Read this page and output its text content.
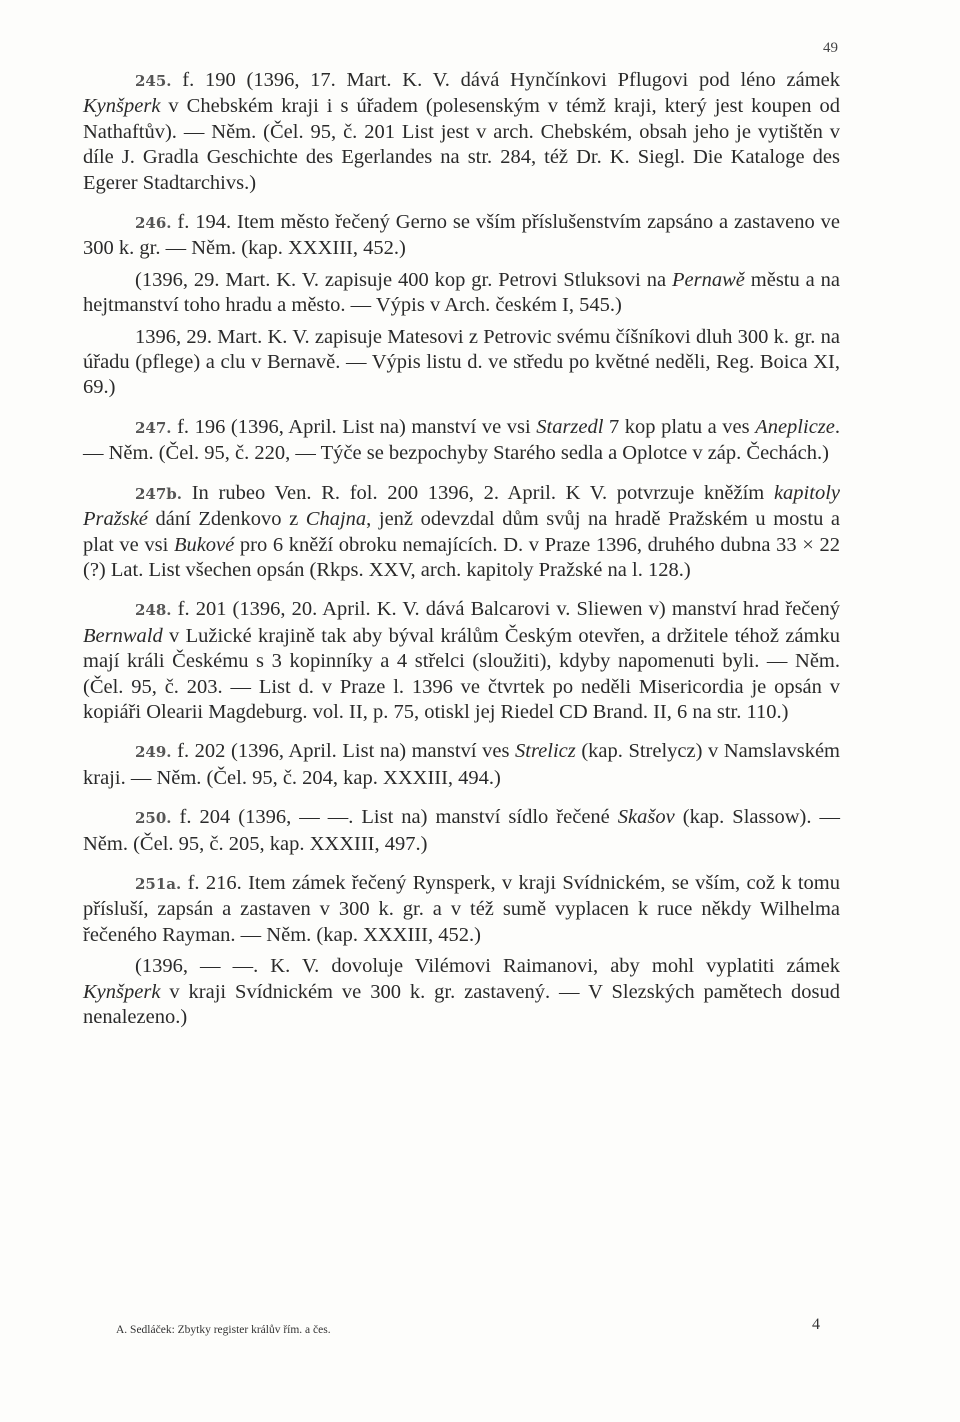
49

245. f. 190 (1396, 17. Mart. K. V. dává Hynčínkovi Pflugovi pod léno zámek Kynšperk v Chebském kraji i s úřadem (polesenským v témž kraji, který jest koupen od Nathaftův). — Něm. (Čel. 95, č. 201 List jest v arch. Chebském, obsah jeho je vytištěn v díle J. Gradla Geschichte des Egerlandes na str. 284, též Dr. K. Siegl. Die Kataloge des Egerer Stadtarchivs.)

246. f. 194. Item město řečený Gerno se vším příslušenstvím zapsáno a zastaveno ve 300 k. gr. — Něm. (kap. XXXIII, 452.)

(1396, 29. Mart. K. V. zapisuje 400 kop gr. Petrovi Stluksovi na Pernawě městu a na hejtmanství toho hradu a město. — Výpis v Arch. českém I, 545.)

1396, 29. Mart. K. V. zapisuje Matesovi z Petrovic svému číšníkovi dluh 300 k. gr. na úřadu (pflege) a clu v Bernavě. — Výpis listu d. ve středu po květné neděli, Reg. Boica XI, 69.)

247. f. 196 (1396, April. List na) manství ve vsi Starzedl 7 kop platu a ves Aneplicze. — Něm. (Čel. 95, č. 220, — Týče se bezpochyby Starého sedla a Oplotce v záp. Čechách.)

247b. In rubeo Ven. R. fol. 200 1396, 2. April. K V. potvrzuje kněžím kapitoly Pražské dání Zdenkovo z Chajna, jenž odevzdal dům svůj na hradě Pražském u mostu a plat ve vsi Bukové pro 6 kněží obroku nemajících. D. v Praze 1396, druhého dubna 33 × 22 (?) Lat. List všechen opsán (Rkps. XXV, arch. kapitoly Pražské na l. 128.)

248. f. 201 (1396, 20. April. K. V. dává Balcarovi v. Sliewen v) manství hrad řečený Bernwald v Lužické krajině tak aby býval králům Českým otevřen, a držitele téhož zámku mají králi Českému s 3 kopinníky a 4 střelci (sloužiti), kdyby napomenuti byli. — Něm. (Čel. 95, č. 203. — List d. v Praze l. 1396 ve čtvrtek po neděli Misericordia je opsán v kopiáři Olearii Magdeburg. vol. II, p. 75, otiskl jej Riedel CD Brand. II, 6 na str. 110.)

249. f. 202 (1396, April. List na) manství ves Strelicz (kap. Strelycz) v Namslavském kraji. — Něm. (Čel. 95, č. 204, kap. XXXIII, 494.)

250. f. 204 (1396, — —. List na) manství sídlo řečené Skašov (kap. Slassow). — Něm. (Čel. 95, č. 205, kap. XXXIII, 497.)

251a. f. 216. Item zámek řečený Rynsperk, v kraji Svídnickém, se vším, což k tomu přísluší, zapsán a zastaven v 300 k. gr. a v též sumě vyplacen k ruce někdy Wilhelma řečeného Rayman. — Něm. (kap. XXXIII, 452.)

(1396, — —. K. V. dovoluje Vilémovi Raimanovi, aby mohl vyplatiti zámek Kynšperk v kraji Svídnickém ve 300 k. gr. zastavený. — V Slezských pamětech dosud nenalezeno.)

A. Sedláček: Zbytky register králův řím. a čes.	4
